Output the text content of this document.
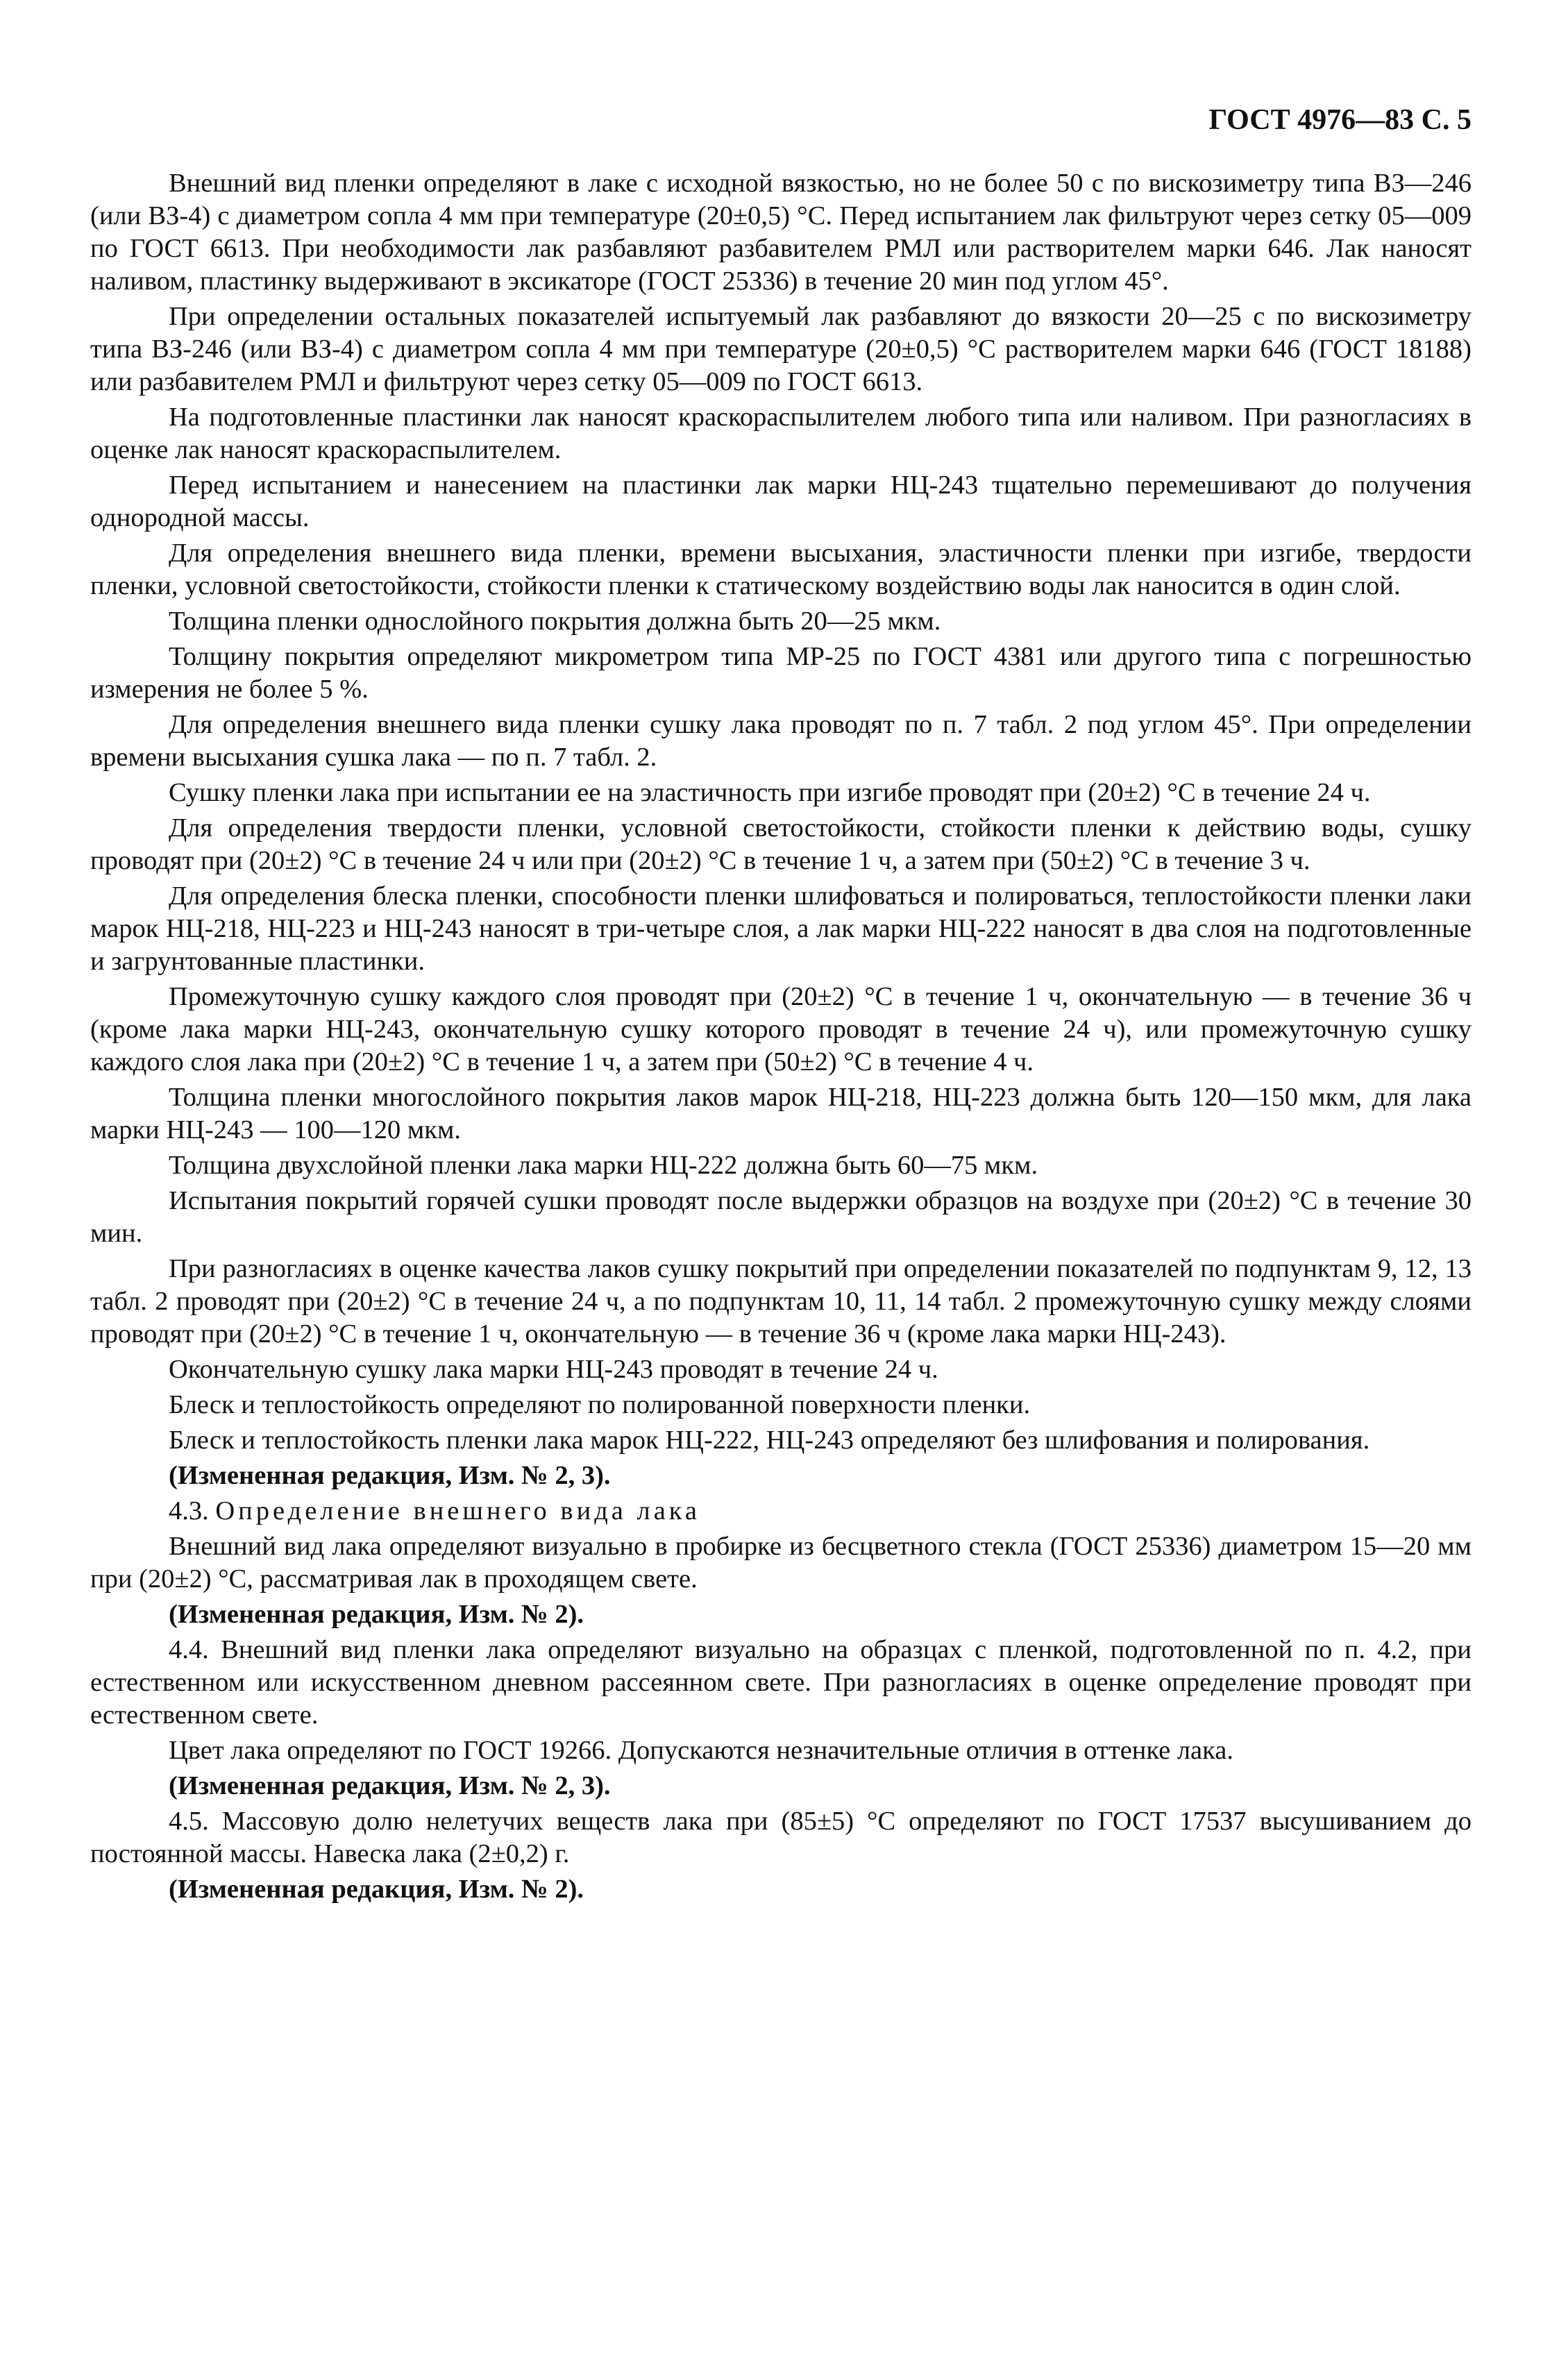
ГОСТ 4976—83 С. 5

Внешний вид пленки определяют в лаке с исходной вязкостью, но не более 50 с по вискозиметру типа ВЗ—246 (или ВЗ-4) с диаметром сопла 4 мм при температуре (20±0,5) °С. Перед испытанием лак фильтруют через сетку 05—009 по ГОСТ 6613. При необходимости лак разбавляют разбавителем РМЛ или растворителем марки 646. Лак наносят наливом, пластинку выдерживают в эксикаторе (ГОСТ 25336) в течение 20 мин под углом 45°.

При определении остальных показателей испытуемый лак разбавляют до вязкости 20—25 с по вискозиметру типа ВЗ-246 (или ВЗ-4) с диаметром сопла 4 мм при температуре (20±0,5) °С растворителем марки 646 (ГОСТ 18188) или разбавителем РМЛ и фильтруют через сетку 05—009 по ГОСТ 6613.

На подготовленные пластинки лак наносят краскораспылителем любого типа или наливом. При разногласиях в оценке лак наносят краскораспылителем.

Перед испытанием и нанесением на пластинки лак марки НЦ-243 тщательно перемешивают до получения однородной массы.

Для определения внешнего вида пленки, времени высыхания, эластичности пленки при изгибе, твердости пленки, условной светостойкости, стойкости пленки к статическому воздействию воды лак наносится в один слой.

Толщина пленки однослойного покрытия должна быть 20—25 мкм.

Толщину покрытия определяют микрометром типа МР-25 по ГОСТ 4381 или другого типа с погрешностью измерения не более 5 %.

Для определения внешнего вида пленки сушку лака проводят по п. 7 табл. 2 под углом 45°. При определении времени высыхания сушка лака — по п. 7 табл. 2.

Сушку пленки лака при испытании ее на эластичность при изгибе проводят при (20±2) °С в течение 24 ч.

Для определения твердости пленки, условной светостойкости, стойкости пленки к действию воды, сушку проводят при (20±2) °С в течение 24 ч или при (20±2) °С в течение 1 ч, а затем при (50±2) °С в течение 3 ч.

Для определения блеска пленки, способности пленки шлифоваться и полироваться, теплостойкости пленки лаки марок НЦ-218, НЦ-223 и НЦ-243 наносят в три-четыре слоя, а лак марки НЦ-222 наносят в два слоя на подготовленные и загрунтованные пластинки.

Промежуточную сушку каждого слоя проводят при (20±2) °С в течение 1 ч, окончательную — в течение 36 ч (кроме лака марки НЦ-243, окончательную сушку которого проводят в течение 24 ч), или промежуточную сушку каждого слоя лака при (20±2) °С в течение 1 ч, а затем при (50±2) °С в течение 4 ч.

Толщина пленки многослойного покрытия лаков марок НЦ-218, НЦ-223 должна быть 120—150 мкм, для лака марки НЦ-243 — 100—120 мкм.

Толщина двухслойной пленки лака марки НЦ-222 должна быть 60—75 мкм.

Испытания покрытий горячей сушки проводят после выдержки образцов на воздухе при (20±2) °С в течение 30 мин.

При разногласиях в оценке качества лаков сушку покрытий при определении показателей по подпунктам 9, 12, 13 табл. 2 проводят при (20±2) °С в течение 24 ч, а по подпунктам 10, 11, 14 табл. 2 промежуточную сушку между слоями проводят при (20±2) °С в течение 1 ч, окончательную — в течение 36 ч (кроме лака марки НЦ-243).

Окончательную сушку лака марки НЦ-243 проводят в течение 24 ч.

Блеск и теплостойкость определяют по полированной поверхности пленки.

Блеск и теплостойкость пленки лака марок НЦ-222, НЦ-243 определяют без шлифования и полирования.

(Измененная редакция, Изм. № 2, 3).

4.3. Определение внешнего вида лака

Внешний вид лака определяют визуально в пробирке из бесцветного стекла (ГОСТ 25336) диаметром 15—20 мм при (20±2) °С, рассматривая лак в проходящем свете.

(Измененная редакция, Изм. № 2).

4.4. Внешний вид пленки лака определяют визуально на образцах с пленкой, подготовленной по п. 4.2, при естественном или искусственном дневном рассеянном свете. При разногласиях в оценке определение проводят при естественном свете.

Цвет лака определяют по ГОСТ 19266. Допускаются незначительные отличия в оттенке лака.

(Измененная редакция, Изм. № 2, 3).

4.5. Массовую долю нелетучих веществ лака при (85±5) °С определяют по ГОСТ 17537 высушиванием до постоянной массы. Навеска лака (2±0,2) г.

(Измененная редакция, Изм. № 2).
